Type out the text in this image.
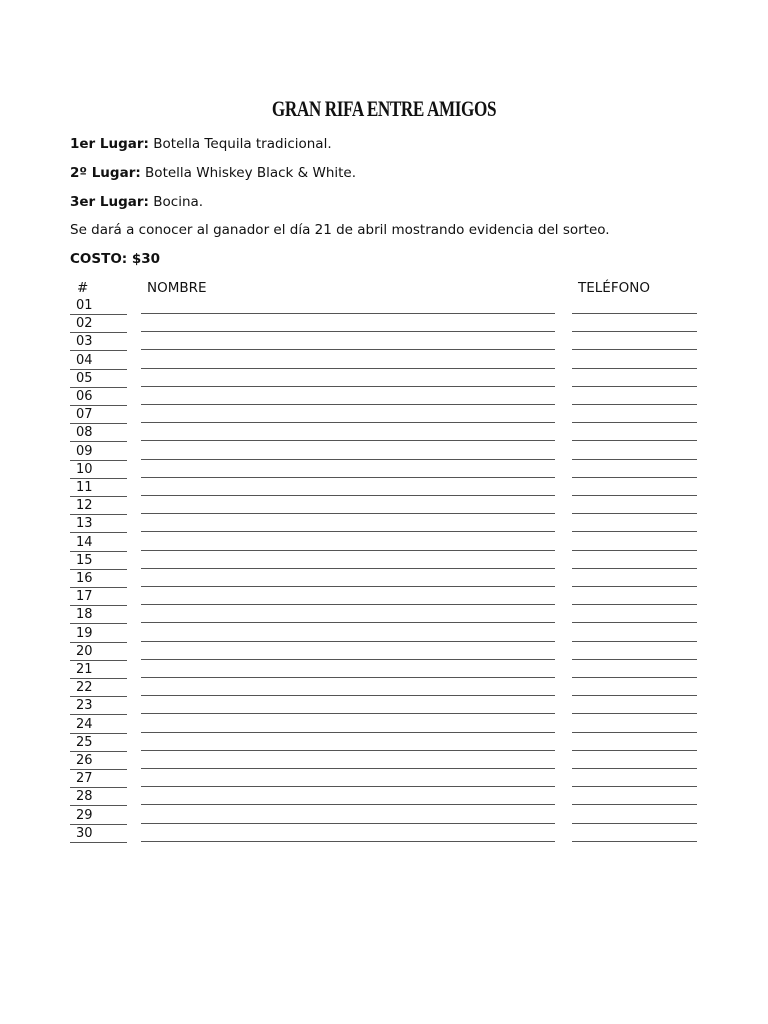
GRAN RIFA ENTRE AMIGOS
1er Lugar: Botella Tequila tradicional.
2º Lugar: Botella Whiskey Black & White.
3er Lugar: Bocina.
Se dará a conocer al ganador el día 21 de abril mostrando evidencia del sorteo.
COSTO: $30
#	NOMBRE	TELÉFONO
01
02
03
04
05
06
07
08
09
10
11
12
13
14
15
16
17
18
19
20
21
22
23
24
25
26
27
28
29
30
